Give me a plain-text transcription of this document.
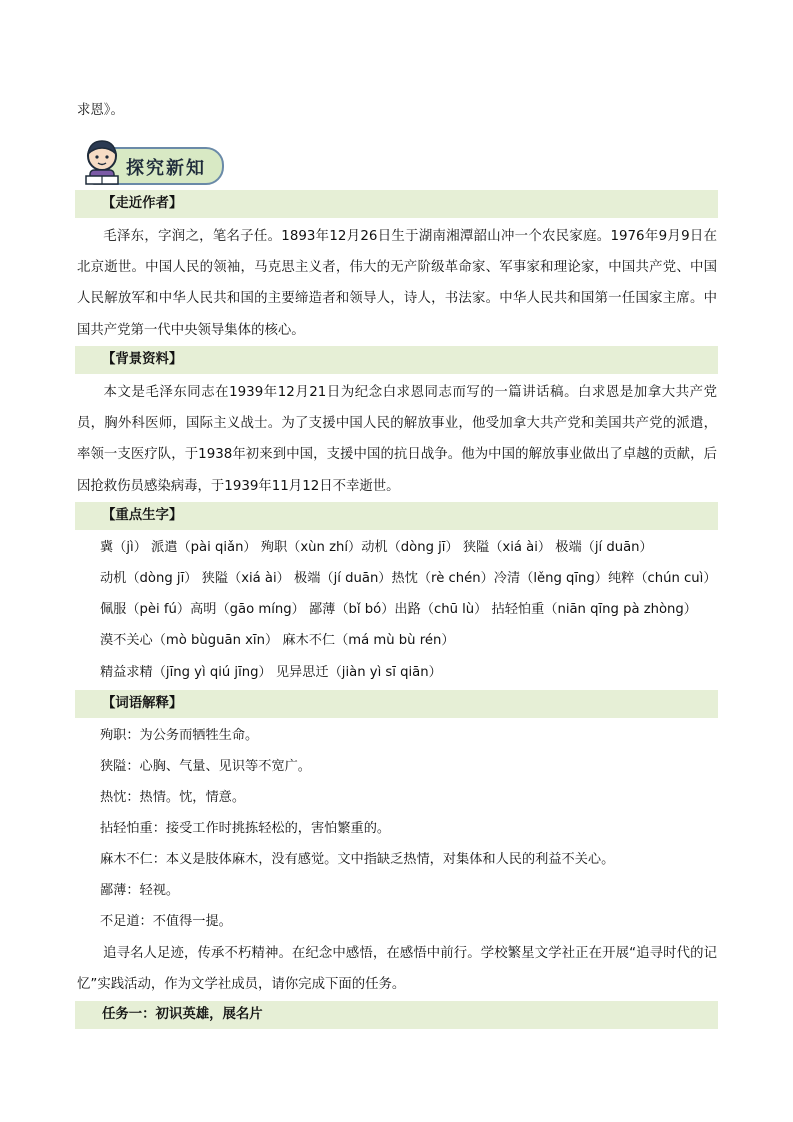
求恩》。
探究新知
【走近作者】
毛泽东，字润之，笔名子任。1893年12月26日生于湖南湘潭韶山冲一个农民家庭。1976年9月9日在北京逝世。中国人民的领袖，马克思主义者，伟大的无产阶级革命家、军事家和理论家，中国共产党、中国人民解放军和中华人民共和国的主要缔造者和领导人，诗人，书法家。中华人民共和国第一任国家主席。中国共产党第一代中央领导集体的核心。
【背景资料】
本文是毛泽东同志在1939年12月21日为纪念白求恩同志而写的一篇讲话稿。白求恩是加拿大共产党员，胸外科医师，国际主义战士。为了支援中国人民的解放事业，他受加拿大共产党和美国共产党的派遣，率领一支医疗队，于1938年初来到中国，支援中国的抗日战争。他为中国的解放事业做出了卓越的贡献，后因抢救伤员感染病毒，于1939年11月12日不幸逝世。
【重点生字】
冀（jì） 派遣（pài qiǎn） 殉职（xùn zhí）动机（dòng jī） 狭隘（xiá ài） 极端（jí duān）
动机（dòng jī） 狭隘（xiá ài） 极端（jí duān）热忱（rè chén）冷清（lěng qīng）纯粹（chún cuì）
佩服（pèi fú）高明（gāo míng） 鄙薄（bǐ bó）出路（chū lù） 拈轻怕重（niān qīng pà zhòng）
漠不关心（mò bùguān xīn） 麻木不仁（má mù bù rén）
精益求精（jīng yì qiú jīng） 见异思迁（jiàn yì sī qiān）
【词语解释】
殉职：为公务而牺牲生命。
狭隘：心胸、气量、见识等不宽广。
热忱：热情。忱，情意。
拈轻怕重：接受工作时挑拣轻松的，害怕繁重的。
麻木不仁：本义是肢体麻木，没有感觉。文中指缺乏热情，对集体和人民的利益不关心。
鄙薄：轻视。
不足道：不值得一提。
追寻名人足迹，传承不朽精神。在纪念中感悟，在感悟中前行。学校繁星文学社正在开展“追寻时代的记忆”实践活动，作为文学社成员，请你完成下面的任务。
任务一：初识英雄，展名片
